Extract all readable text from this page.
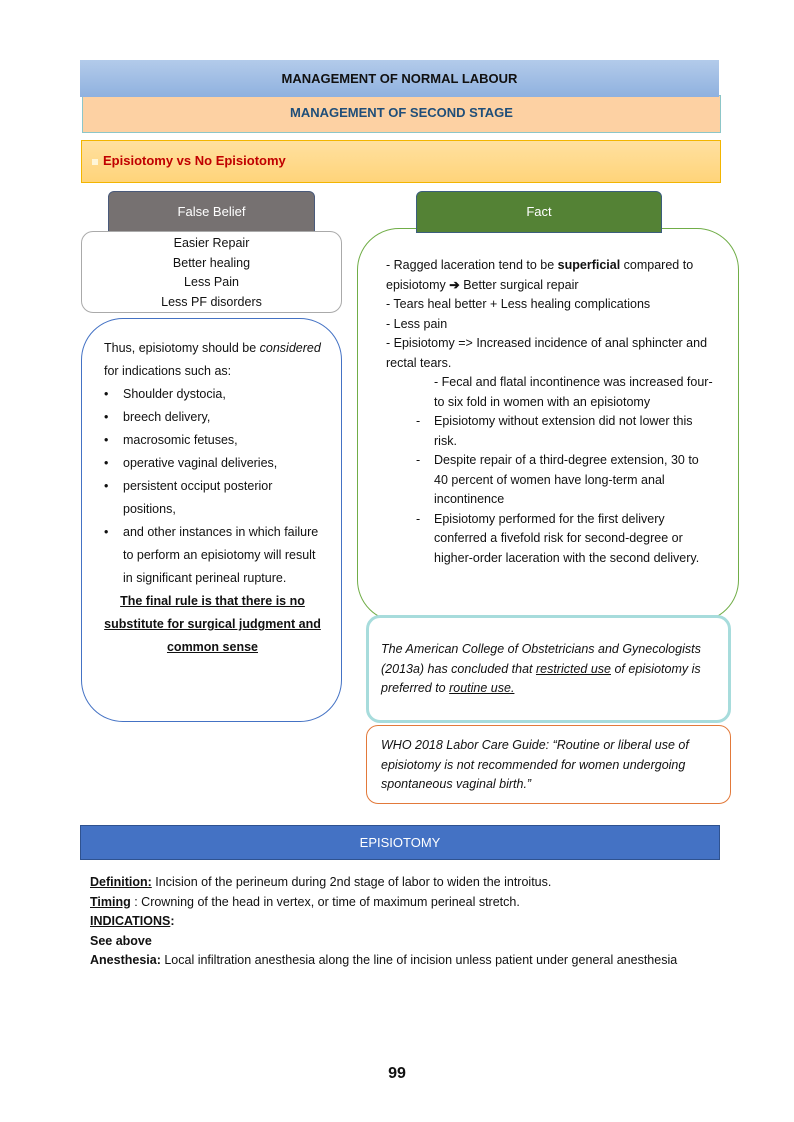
MANAGEMENT OF NORMAL LABOUR
MANAGEMENT OF SECOND STAGE
Episiotomy vs No Episiotomy
False Belief
Easier Repair
Better healing
Less Pain
Less PF disorders

Thus, episiotomy should be considered for indications such as:

• Shoulder dystocia,
• breech delivery,
• macrosomic fetuses,
• operative vaginal deliveries,
• persistent occiput posterior positions,
• and other instances in which failure to perform an episiotomy will result in significant perineal rupture.

The final rule is that there is no substitute for surgical judgment and common sense

- Ragged laceration tend to be superficial compared to episiotomy ➔ Better surgical repair

- Tears heal better + Less healing complications

- Less pain

- Episiotomy => Increased incidence of anal sphincter and rectal tears.

- Fecal and flatal incontinence was increased four- to six fold in women with an episiotomy

- Episiotomy without extension did not lower this risk.

- Despite repair of a third-degree extension, 30 to 40 percent of women have long-term anal incontinence

- Episiotomy performed for the first delivery conferred a fivefold risk for second-degree or higher-order laceration with the second delivery.

Fact
The American College of Obstetricians and Gynecologists (2013a) has concluded that restricted use of episiotomy is preferred to routine use.
WHO 2018 Labor Care Guide: “Routine or liberal use of episiotomy is not recommended for women undergoing spontaneous vaginal birth.”
EPISIOTOMY

Definition: Incision of the perineum during 2nd stage of labor to widen the introitus.

Timing : Crowning of the head in vertex, or time of maximum perineal stretch.

INDICATIONS:

See above

Anesthesia: Local infiltration anesthesia along the line of incision unless patient under general anesthesia

99
